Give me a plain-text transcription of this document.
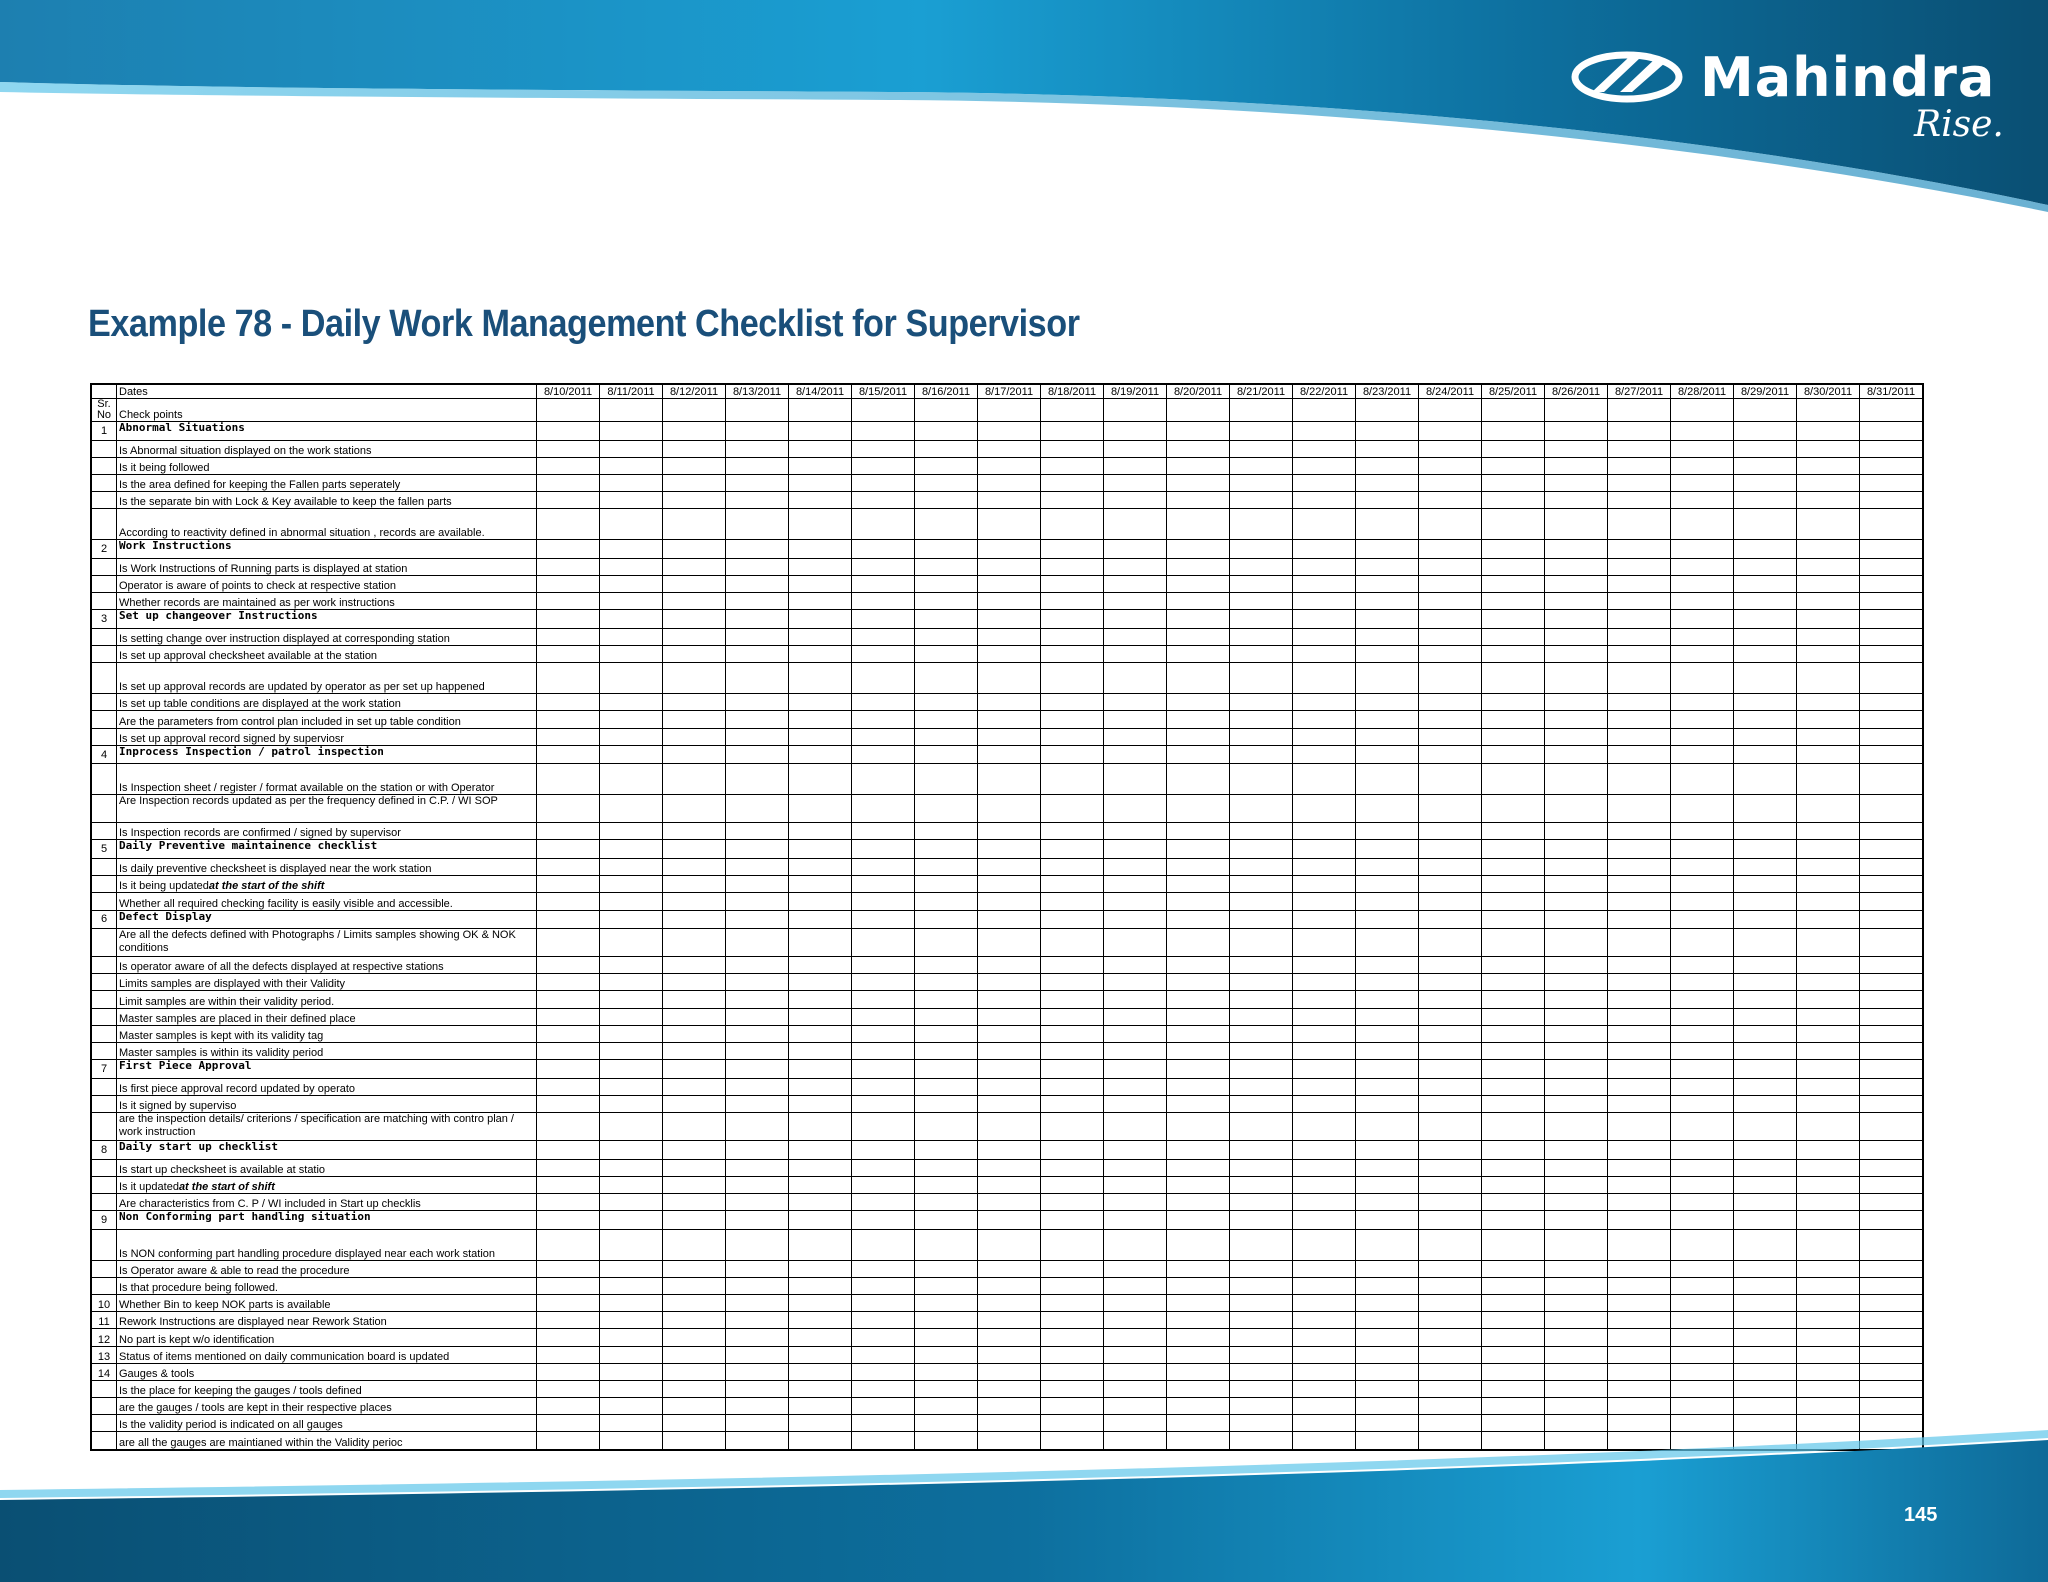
Mahindra
Rise.
Example 78 - Daily Work Management Checklist for Supervisor
	Dates	8/10/2011	8/11/2011	8/12/2011	8/13/2011	8/14/2011	8/15/2011	8/16/2011	8/17/2011	8/18/2011	8/19/2011	8/20/2011	8/21/2011	8/22/2011	8/23/2011	8/24/2011	8/25/2011	8/26/2011	8/27/2011	8/28/2011	8/29/2011	8/30/2011	8/31/2011

Sr.
No	Check points																						
1	Abnormal Situations																						
	Is Abnormal situation displayed on the work stations																						
	Is it being followed																						
	Is the area defined for keeping the Fallen parts seperately																						
	Is the separate bin with Lock & Key available to keep the fallen parts																						
	According to reactivity defined in abnormal situation , records are available.																						
2	Work Instructions																						
	Is Work Instructions of Running parts is displayed at station																						
	Operator is aware of points to check at respective station																						
	Whether records are maintained as per work instructions																						
3	Set up changeover Instructions																						
	Is setting change over instruction displayed at corresponding station																						
	Is set up approval checksheet available at the station																						
	Is set up approval records are updated by operator as per set up happened																						
	Is set up table conditions are displayed at the work station																						
	Are the parameters from control plan included in set up table condition																						
	Is set up approval record signed by superviosr																						
4	Inprocess Inspection / patrol inspection																						
	Is Inspection sheet / register / format available on the station or with Operator																						
	Are Inspection records updated as per the frequency defined in C.P. / WI SOP																						
	Is Inspection records are confirmed / signed by supervisor																						
5	Daily Preventive maintainence checklist																						
	Is daily preventive checksheet is displayed near the work station																						
	Is it being updatedat the start of the shift																						
	Whether all required checking facility is easily visible and accessible.																						
6	Defect Display																						
	Are all the defects defined with Photographs / Limits samples showing OK & NOK conditions																						
	Is operator aware of all the defects displayed at respective stations																						
	Limits samples are displayed with their Validity																						
	Limit samples are within their validity period.																						
	Master samples are placed in their defined place																						
	Master samples is kept with its validity tag																						
	Master samples is within its validity period																						
7	First Piece Approval																						
	Is first piece approval record updated by operato																						
	Is it signed by superviso																						
	are the inspection details/ criterions / specification are matching with contro plan / work instruction																						
8	Daily start up checklist																						
	Is start up checksheet is available at statio																						
	Is it updatedat the start of shift																						
	Are characteristics from C. P / WI included in Start up checklis																						
9	Non Conforming part handling situation																						
	Is NON conforming part handling procedure displayed near each work station																						
	Is Operator aware & able to read the procedure																						
	Is that procedure being followed.																						
10	Whether Bin to keep NOK parts is available																						
11	Rework Instructions are displayed near Rework Station																						
12	No part is kept w/o identification																						
13	Status of items mentioned on daily communication board is updated																						
14	Gauges & tools																						
	Is the place for keeping the gauges / tools defined																						
	are the gauges / tools are kept in their respective places																						
	Is the validity period is indicated on all gauges																						
	are all the gauges are maintianed within the Validity perioc																						
145
